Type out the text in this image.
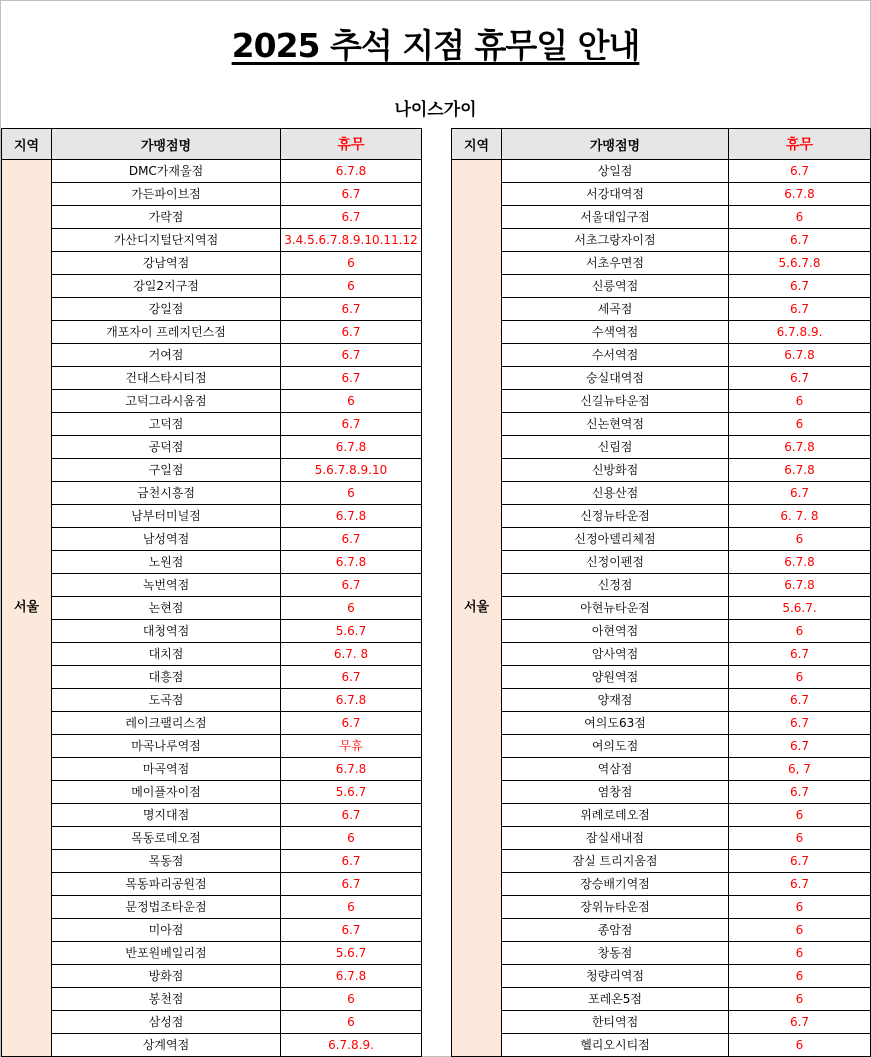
2025 추석 지점 휴무일 안내
나이스가이
지역	가맹점명	휴무
서울	DMC가재울점	6.7.8
	가든파이브점	6.7
	가락점	6.7
	가산디지털단지역점	3.4.5.6.7.8.9.10.11.12
	강남역점	6
	강일2지구점	6
	강일점	6.7
	개포자이 프레지던스점	6.7
	거여점	6.7
	건대스타시티점	6.7
	고덕그라시움점	6
	고덕점	6.7
	공덕점	6.7.8
	구일점	5.6.7.8.9.10
	금천시흥점	6
	남부터미널점	6.7.8
	남성역점	6.7
	노원점	6.7.8
	녹번역점	6.7
	논현점	6
	대청역점	5.6.7
	대치점	6.7. 8
	대흥점	6.7
	도곡점	6.7.8
	레이크팰리스점	6.7
	마곡나루역점	무휴
	마곡역점	6.7.8
	메이플자이점	5.6.7
	명지대점	6.7
	목동로데오점	6
	목동점	6.7
	목동파리공원점	6.7
	문정법조타운점	6
	미아점	6.7
	반포원베일리점	5.6.7
	방화점	6.7.8
	봉천점	6
	삼성점	6
	상계역점	6.7.8.9.
지역	가맹점명	휴무
서울	상일점	6.7
	서강대역점	6.7.8
	서울대입구점	6
	서초그랑자이점	6.7
	서초우면점	5.6.7.8
	신릉역점	6.7
	세곡점	6.7
	수색역점	6.7.8.9.
	수서역점	6.7.8
	숭실대역점	6.7
	신길뉴타운점	6
	신논현역점	6
	신림점	6.7.8
	신방화점	6.7.8
	신용산점	6.7
	신정뉴타운점	6. 7. 8
	신정아델리체점	6
	신정이펜점	6.7.8
	신정점	6.7.8
	아현뉴타운점	5.6.7.
	아현역점	6
	암사역점	6.7
	양원역점	6
	양재점	6.7
	여의도63점	6.7
	여의도점	6.7
	역삼점	6, 7
	염창점	6.7
	위례로데오점	6
	잠실새내점	6
	잠실 트리지움점	6.7
	장승배기역점	6.7
	장위뉴타운점	6
	종암점	6
	창동점	6
	청량리역점	6
	포레온5점	6
	한티역점	6.7
	헬리오시티점	6
